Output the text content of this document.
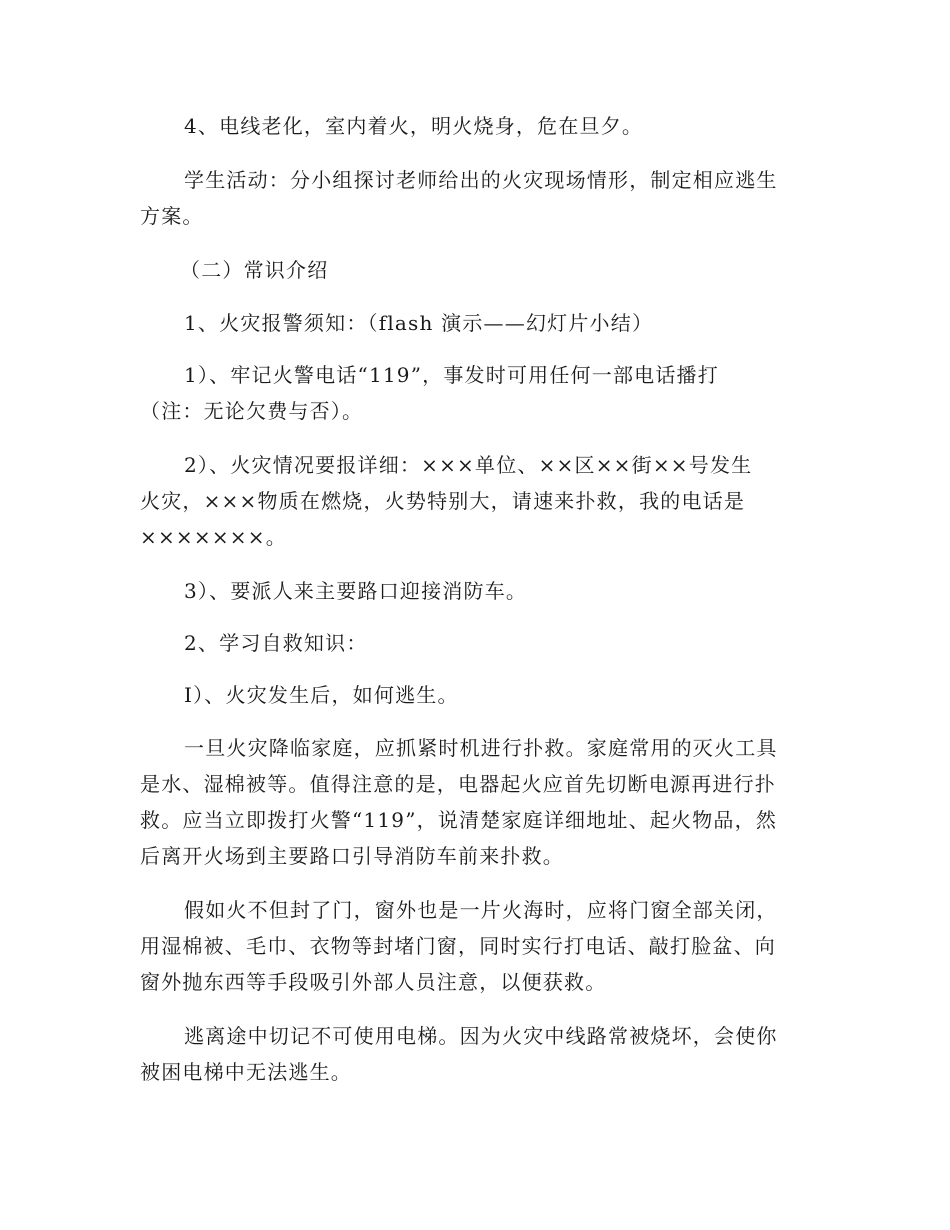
4、电线老化，室内着火，明火烧身，危在旦夕。

学生活动：分小组探讨老师给出的火灾现场情形，制定相应逃生
方案。

（二）常识介绍

1、火灾报警须知：（flash 演示——幻灯片小结）

1）、牢记火警电话“119”，事发时可用任何一部电话播打
（注：无论欠费与否）。

2）、火灾情况要报详细：×××单位、××区××街××号发生
火灾，×××物质在燃烧，火势特别大，请速来扑救，我的电话是
×××××××。

3）、要派人来主要路口迎接消防车。

2、学习自救知识：

I）、火灾发生后，如何逃生。

一旦火灾降临家庭，应抓紧时机进行扑救。家庭常用的灭火工具
是水、湿棉被等。值得注意的是，电器起火应首先切断电源再进行扑
救。应当立即拨打火警“119”，说清楚家庭详细地址、起火物品，然
后离开火场到主要路口引导消防车前来扑救。

假如火不但封了门，窗外也是一片火海时，应将门窗全部关闭，
用湿棉被、毛巾、衣物等封堵门窗，同时实行打电话、敲打脸盆、向
窗外抛东西等手段吸引外部人员注意，以便获救。

逃离途中切记不可使用电梯。因为火灾中线路常被烧坏，会使你
被困电梯中无法逃生。
